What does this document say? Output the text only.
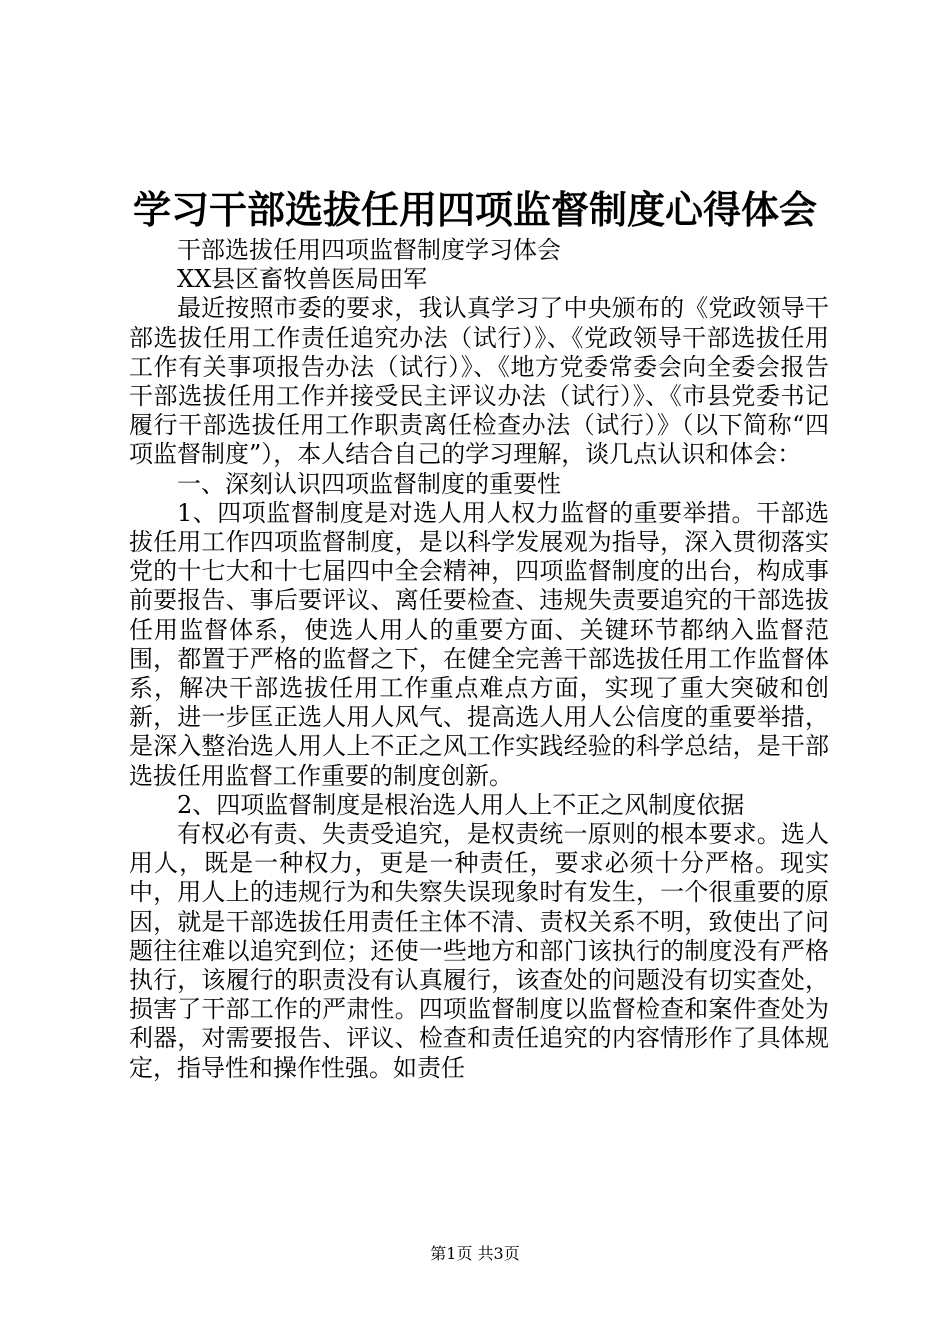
学习干部选拔任用四项监督制度心得体会

干部选拔任用四项监督制度学习体会

XX县区畜牧兽医局田军

最近按照市委的要求，我认真学习了中央颁布的《党政领导干部选拔任用工作责任追究办法（试行）》、《党政领导干部选拔任用工作有关事项报告办法（试行）》、《地方党委常委会向全委会报告干部选拔任用工作并接受民主评议办法（试行）》、《市县党委书记履行干部选拔任用工作职责离任检查办法（试行）》（以下简称“四项监督制度”），本人结合自己的学习理解，谈几点认识和体会：

一、深刻认识四项监督制度的重要性

1、四项监督制度是对选人用人权力监督的重要举措。干部选拔任用工作四项监督制度，是以科学发展观为指导，深入贯彻落实党的十七大和十七届四中全会精神，四项监督制度的出台，构成事前要报告、事后要评议、离任要检查、违规失责要追究的干部选拔任用监督体系，使选人用人的重要方面、关键环节都纳入监督范围，都置于严格的监督之下，在健全完善干部选拔任用工作监督体系，解决干部选拔任用工作重点难点方面，实现了重大突破和创新，进一步匡正选人用人风气、提高选人用人公信度的重要举措，是深入整治选人用人上不正之风工作实践经验的科学总结，是干部选拔任用监督工作重要的制度创新。

2、四项监督制度是根治选人用人上不正之风制度依据

有权必有责、失责受追究，是权责统一原则的根本要求。选人用人，既是一种权力，更是一种责任，要求必须十分严格。现实中，用人上的违规行为和失察失误现象时有发生，一个很重要的原因，就是干部选拔任用责任主体不清、责权关系不明，致使出了问题往往难以追究到位；还使一些地方和部门该执行的制度没有严格执行，该履行的职责没有认真履行，该查处的问题没有切实查处，损害了干部工作的严肃性。四项监督制度以监督检查和案件查处为利器，对需要报告、评议、检查和责任追究的内容情形作了具体规定，指导性和操作性强。如责任

第1页 共3页
